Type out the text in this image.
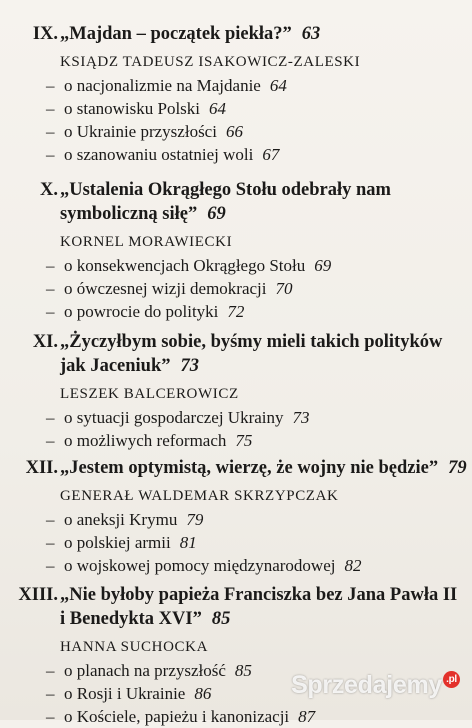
IX. „Majdan – początek piekła?” 63
KSIĄDZ TADEUSZ ISAKOWICZ-ZALESKI
– o nacjonalizmie na Majdanie 64
– o stanowisku Polski 64
– o Ukrainie przyszłości 66
– o szanowaniu ostatniej woli 67
X. „Ustalenia Okrągłego Stołu odebrały nam
symboliczną siłę” 69
KORNEL MORAWIECKI
– o konsekwencjach Okrągłego Stołu 69
– o ówczesnej wizji demokracji 70
– o powrocie do polityki 72
XI. „Życzyłbym sobie, byśmy mieli takich polityków
jak Jaceniuk” 73
LESZEK BALCEROWICZ
– o sytuacji gospodarczej Ukrainy 73
– o możliwych reformach 75
XII. „Jestem optymistą, wierzę, że wojny nie będzie” 79
GENERAŁ WALDEMAR SKRZYPCZAK
– o aneksji Krymu 79
– o polskiej armii 81
– o wojskowej pomocy międzynarodowej 82
XIII. „Nie byłoby papieża Franciszka bez Jana Pawła II
i Benedykta XVI” 85
HANNA SUCHOCKA
– o planach na przyszłość 85
– o Rosji i Ukrainie 86
– o Kościele, papieżu i kanonizacji 87
Sprzedajemy .pl
